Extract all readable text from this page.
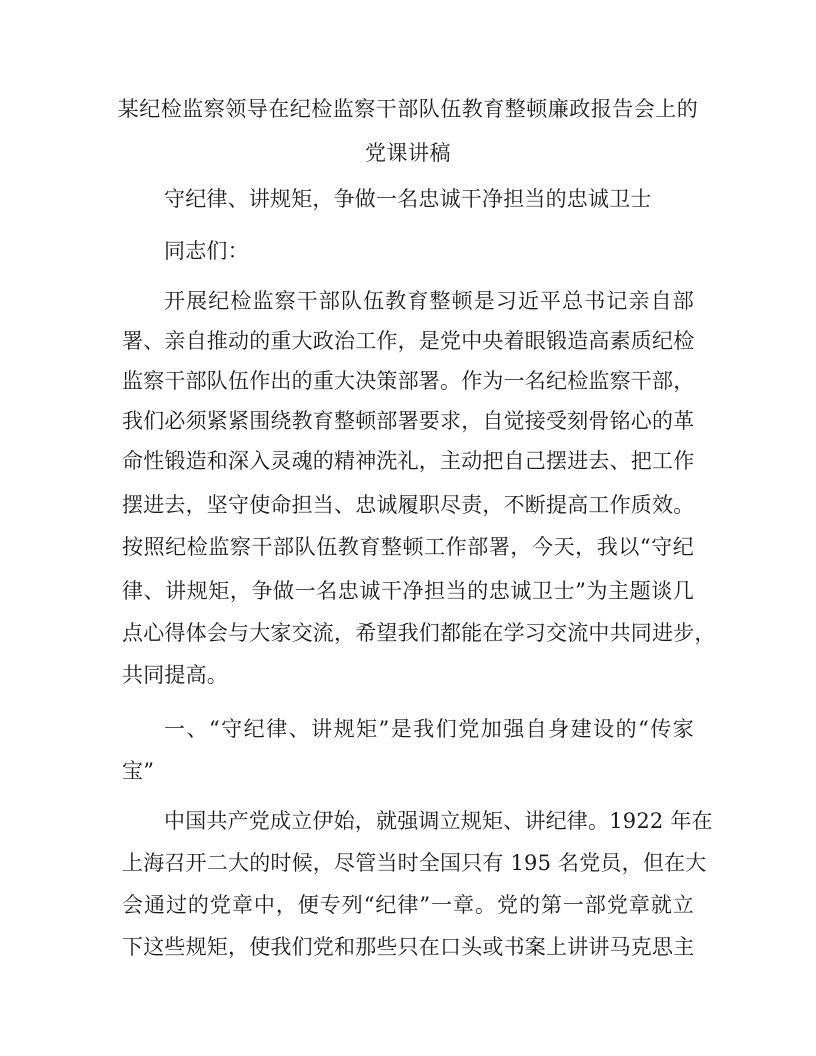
某纪检监察领导在纪检监察干部队伍教育整顿廉政报告会上的
党课讲稿
守纪律、讲规矩，争做一名忠诚干净担当的忠诚卫士
同志们：
开展纪检监察干部队伍教育整顿是习近平总书记亲自部
署、亲自推动的重大政治工作，是党中央着眼锻造高素质纪检
监察干部队伍作出的重大决策部署。作为一名纪检监察干部，
我们必须紧紧围绕教育整顿部署要求，自觉接受刻骨铭心的革
命性锻造和深入灵魂的精神洗礼，主动把自己摆进去、把工作
摆进去，坚守使命担当、忠诚履职尽责，不断提高工作质效。
按照纪检监察干部队伍教育整顿工作部署，今天，我以“守纪
律、讲规矩，争做一名忠诚干净担当的忠诚卫士”为主题谈几
点心得体会与大家交流，希望我们都能在学习交流中共同进步，
共同提高。
一、“守纪律、讲规矩”是我们党加强自身建设的“传家
宝”
中国共产党成立伊始，就强调立规矩、讲纪律。1922 年在
上海召开二大的时候，尽管当时全国只有 195 名党员，但在大
会通过的党章中，便专列“纪律”一章。党的第一部党章就立
下这些规矩，使我们党和那些只在口头或书案上讲讲马克思主
